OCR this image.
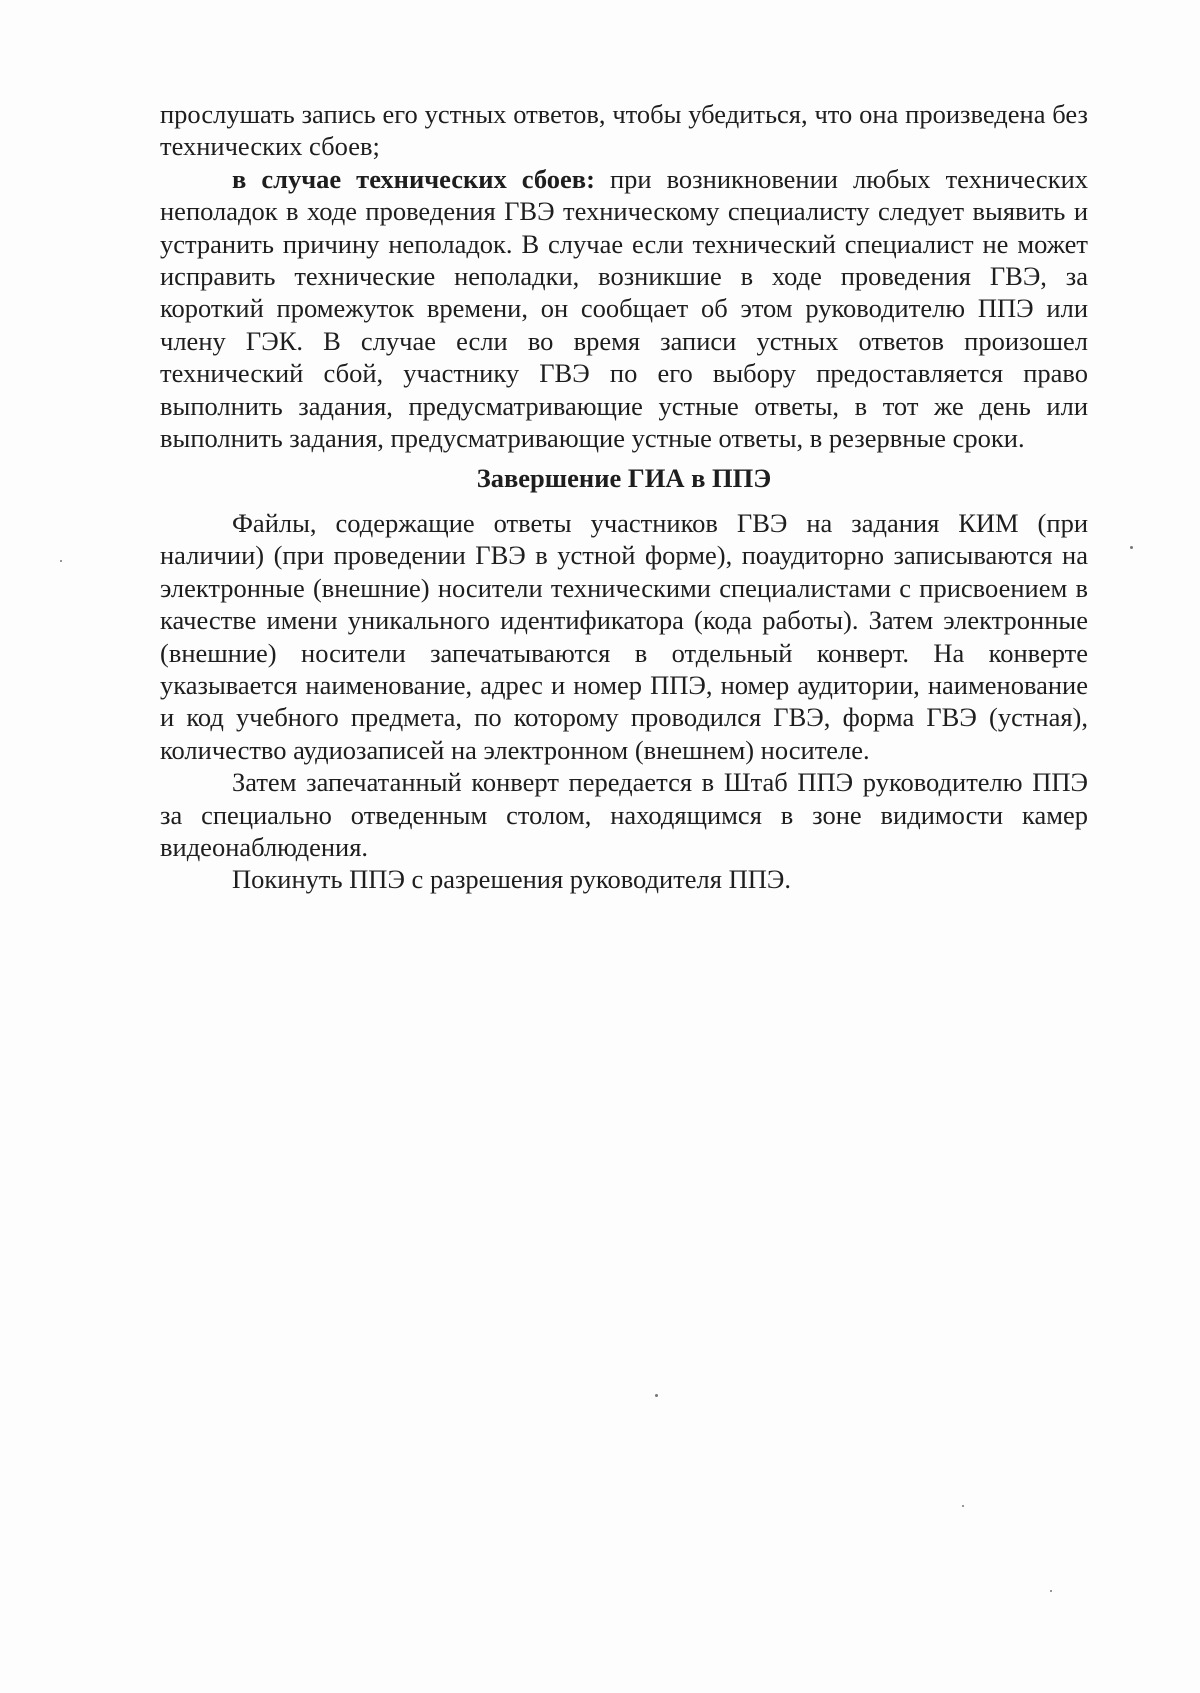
прослушать запись его устных ответов, чтобы убедиться, что она произведена без технических сбоев;

в случае технических сбоев: при возникновении любых технических неполадок в ходе проведения ГВЭ техническому специалисту следует выявить и устранить причину неполадок. В случае если технический специалист не может исправить технические неполадки, возникшие в ходе проведения ГВЭ, за короткий промежуток времени, он сообщает об этом руководителю ППЭ или члену ГЭК. В случае если во время записи устных ответов произошел технический сбой, участнику ГВЭ по его выбору предоставляется право выполнить задания, предусматривающие устные ответы, в тот же день или выполнить задания, предусматривающие устные ответы, в резервные сроки.

Завершение ГИА в ППЭ

Файлы, содержащие ответы участников ГВЭ на задания КИМ (при наличии) (при проведении ГВЭ в устной форме), поаудиторно записываются на электронные (внешние) носители техническими специалистами с присвоением в качестве имени уникального идентификатора (кода работы). Затем электронные (внешние) носители запечатываются в отдельный конверт. На конверте указывается наименование, адрес и номер ППЭ, номер аудитории, наименование и код учебного предмета, по которому проводился ГВЭ, форма ГВЭ (устная), количество аудиозаписей на электронном (внешнем) носителе.

Затем запечатанный конверт передается в Штаб ППЭ руководителю ППЭ за специально отведенным столом, находящимся в зоне видимости камер видеонаблюдения.

Покинуть ППЭ с разрешения руководителя ППЭ.
